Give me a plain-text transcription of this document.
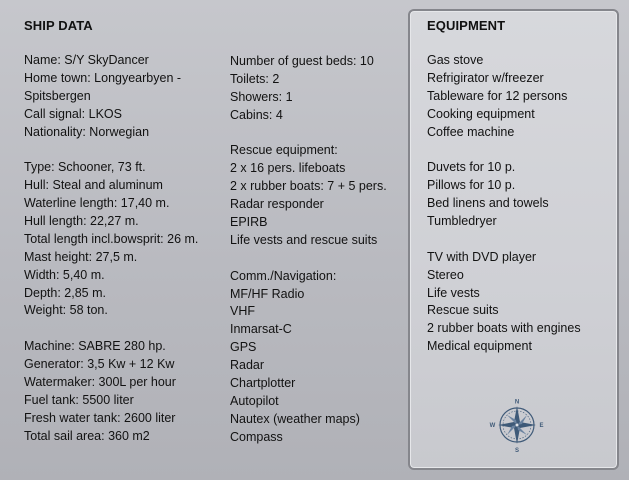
SHIP DATA
Name: S/Y SkyDancer
Home town: Longyearbyen -
Spitsbergen
Call signal: LKOS
Nationality: Norwegian
Type: Schooner, 73 ft.
Hull: Steal and aluminum
Waterline length: 17,40 m.
Hull length: 22,27 m.
Total length incl.bowsprit: 26 m.
Mast height: 27,5 m.
Width: 5,40 m.
Depth: 2,85 m.
Weight: 58 ton.
Machine: SABRE 280 hp.
Generator: 3,5 Kw + 12 Kw
Watermaker: 300L per hour
Fuel tank: 5500 liter
Fresh water tank: 2600 liter
Total sail area: 360 m2
Number of guest beds: 10
Toilets: 2
Showers: 1
Cabins: 4
Rescue equipment:
2 x 16 pers. lifeboats
2 x rubber boats: 7 + 5 pers.
Radar responder
EPIRB
Life vests and rescue suits
Comm./Navigation:
MF/HF Radio
VHF
Inmarsat-C
GPS
Radar
Chartplotter
Autopilot
Nautex (weather maps)
Compass
EQUIPMENT
Gas stove
Refrigirator w/freezer
Tableware for 12 persons
Cooking equipment
Coffee machine
Duvets for 10 p.
Pillows for 10 p.
Bed linens and towels
Tumbledryer
TV with DVD player
Stereo
Life vests
Rescue suits
2 rubber boats with engines
Medical equipment
N
S
W	E
